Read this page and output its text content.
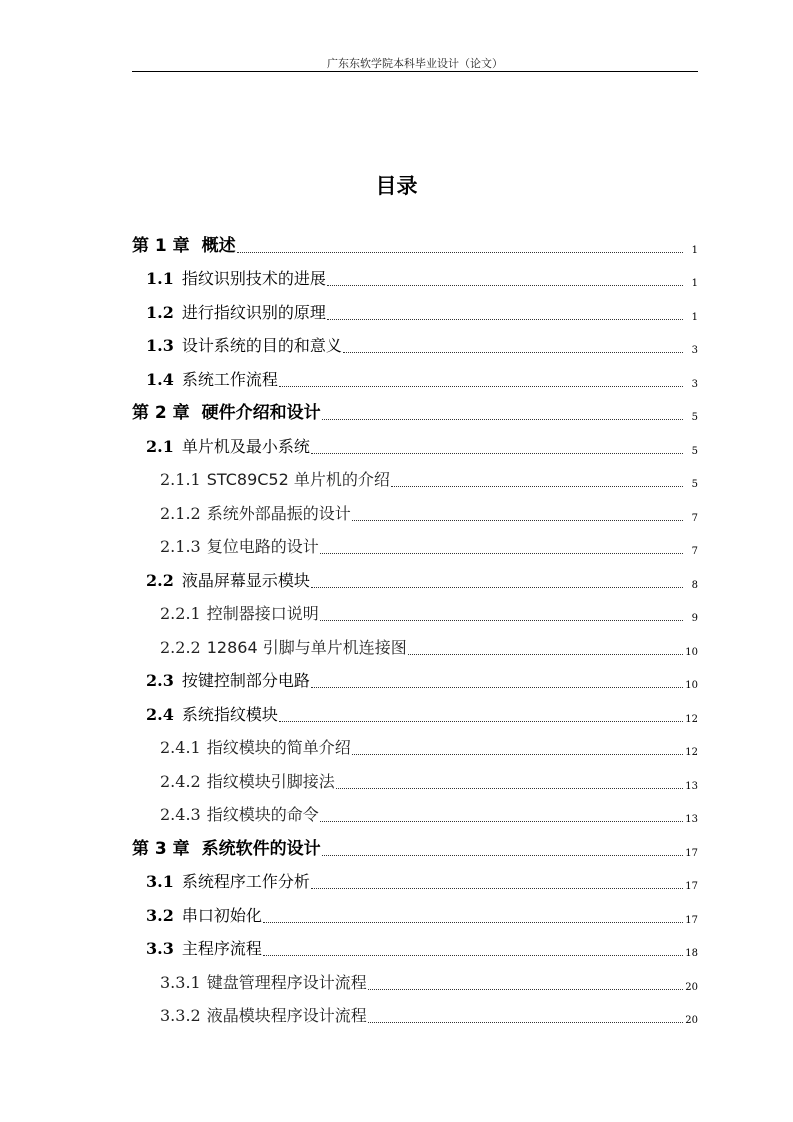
广东东软学院本科毕业设计（论文）
目录
第 1 章 概述	1
1.1 指纹识别技术的进展	1
1.2 进行指纹识别的原理	1
1.3 设计系统的目的和意义	3
1.4 系统工作流程	3
第 2 章 硬件介绍和设计	5
2.1 单片机及最小系统	5
2.1.1 STC89C52 单片机的介绍	5
2.1.2 系统外部晶振的设计	7
2.1.3 复位电路的设计	7
2.2 液晶屏幕显示模块	8
2.2.1 控制器接口说明	9
2.2.2 12864 引脚与单片机连接图	10
2.3 按键控制部分电路	10
2.4 系统指纹模块	12
2.4.1 指纹模块的简单介绍	12
2.4.2 指纹模块引脚接法	13
2.4.3 指纹模块的命令	13
第 3 章 系统软件的设计	17
3.1 系统程序工作分析	17
3.2 串口初始化	17
3.3 主程序流程	18
3.3.1 键盘管理程序设计流程	20
3.3.2 液晶模块程序设计流程	20
